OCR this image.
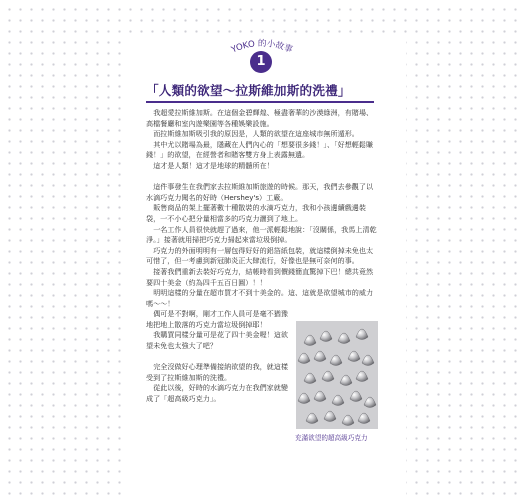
YOKO 的小故事
1
「人類的欲望～拉斯維加斯的洗禮」

我超愛拉斯維加斯。在這個金碧輝煌、極盡奢華的沙漠綠洲，有賭場、高檔餐廳和室內遊樂園等各種娛樂設施。

而拉斯維加斯吸引我的原因是，人類的欲望在這座城市無所遁形。

其中尤以賭場為最，隱藏在人們內心的「想要很多錢！」、「好想輕鬆賺錢！」的欲望，在經營者和賭客雙方身上表露無遺。

這才是人類！這才是地球的精髓所在！

這件事發生在我們家去拉斯維加斯旅遊的時候。那天，我們去參觀了以水滴巧克力聞名的好時（Hershey's）工廠。

販售商品的架上擺著數十種散裝的水滴巧克力，我和小孩邊續戲邊裝袋，一不小心把分量相當多的巧克力灑到了地上。

一名工作人員很快就趕了過來，他一派輕鬆地說：「沒關係，我馬上清乾淨。」接著就用掃把巧克力掃起來當垃圾倒掉。

巧克力的外面明明有一層包得好好的鋁箔紙包裝，就這樣倒掉未免也太可惜了，但一考慮到新冠肺炎正大肆流行，好像也是無可奈何的事。

接著我們重新去裝好巧克力，結帳時看到價錢簡直驚掉下巴！總共竟然要四十美金（約為四千五百日圓）！！

明明這樣的分量在超市買才不到十美金的。這、這就是欲望城市的威力嗎～～！

偶可是不對啊，剛才工作人員可是毫不猶豫地把地上散落的巧克力當垃圾倒掉耶！

我購買同樣分量可是花了四十美金喔！這欲望未免也太強大了吧？

完全沒做好心理準備接納欲望的我，就這樣受到了拉斯維加斯的洗禮。

從此以後，好時的水滴巧克力在我們家就變成了「超高級巧克力」。

充滿欲望的超高級巧克力
